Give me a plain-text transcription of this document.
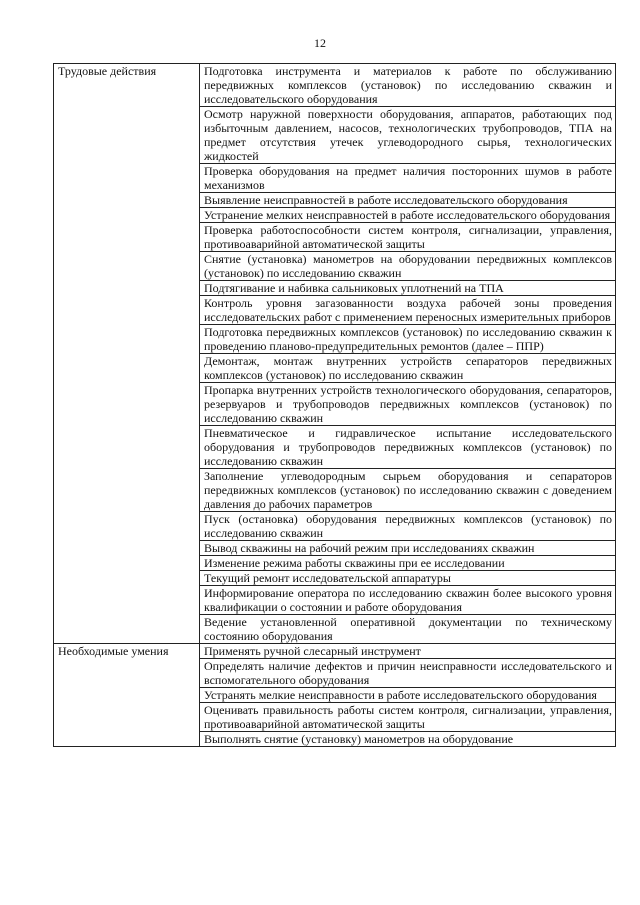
12
Трудовые действия	Подготовка инструмента и материалов к работе по обслуживанию передвижных комплексов (установок) по исследованию скважин и исследовательского оборудования
	Осмотр наружной поверхности оборудования, аппаратов, работающих под избыточным давлением, насосов, технологических трубопроводов, ТПА на предмет отсутствия утечек углеводородного сырья, технологических жидкостей
	Проверка оборудования на предмет наличия посторонних шумов в работе механизмов
	Выявление неисправностей в работе исследовательского оборудования
	Устранение мелких неисправностей в работе исследовательского оборудования
	Проверка работоспособности систем контроля, сигнализации, управления, противоаварийной автоматической защиты
	Снятие (установка) манометров на оборудовании передвижных комплексов (установок) по исследованию скважин
	Подтягивание и набивка сальниковых уплотнений на ТПА
	Контроль уровня загазованности воздуха рабочей зоны проведения исследовательских работ с применением переносных измерительных приборов
	Подготовка передвижных комплексов (установок) по исследованию скважин к проведению планово-предупредительных ремонтов (далее – ППР)
	Демонтаж, монтаж внутренних устройств сепараторов передвижных комплексов (установок) по исследованию скважин
	Пропарка внутренних устройств технологического оборудования, сепараторов, резервуаров и трубопроводов передвижных комплексов (установок) по исследованию скважин
	Пневматическое и гидравлическое испытание исследовательского оборудования и трубопроводов передвижных комплексов (установок) по исследованию скважин
	Заполнение углеводородным сырьем оборудования и сепараторов передвижных комплексов (установок) по исследованию скважин с доведением давления до рабочих параметров
	Пуск (остановка) оборудования передвижных комплексов (установок) по исследованию скважин
	Вывод скважины на рабочий режим при исследованиях скважин
	Изменение режима работы скважины при ее исследовании
	Текущий ремонт исследовательской аппаратуры
	Информирование оператора по исследованию скважин более высокого уровня квалификации о состоянии и работе оборудования
	Ведение установленной оперативной документации по техническому состоянию оборудования
Необходимые умения	Применять ручной слесарный инструмент
	Определять наличие дефектов и причин неисправности исследовательского и вспомогательного оборудования
	Устранять мелкие неисправности в работе исследовательского оборудования
	Оценивать правильность работы систем контроля, сигнализации, управления, противоаварийной автоматической защиты
	Выполнять снятие (установку) манометров на оборудование
